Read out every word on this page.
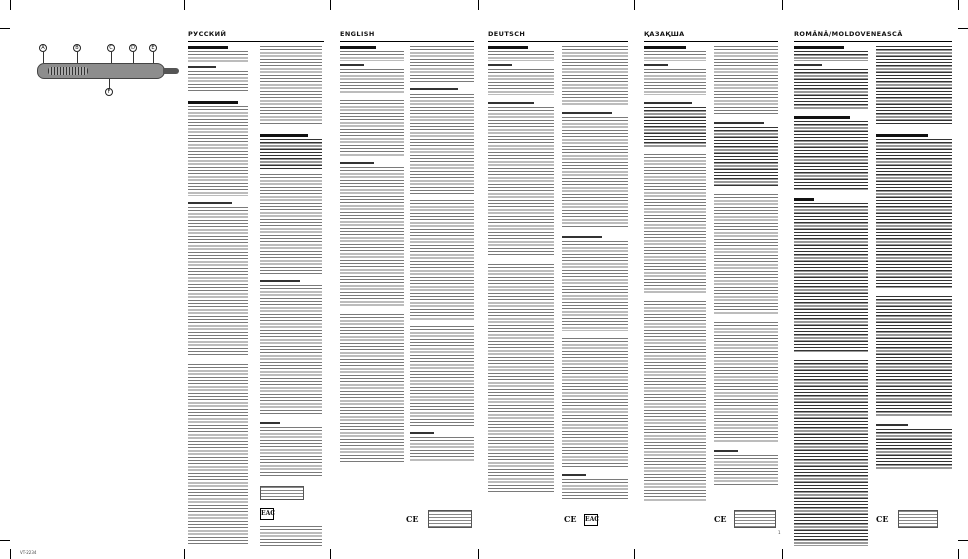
РУССКИЙ
EAC
A	B	C	D	E
F
ENGLISH
CE
DEUTSCH
CE	EAC
ҚАЗАҚША
CE
ROMÂNĂ/MOLDOVENEASCĂ
CE
VT-2234
1
